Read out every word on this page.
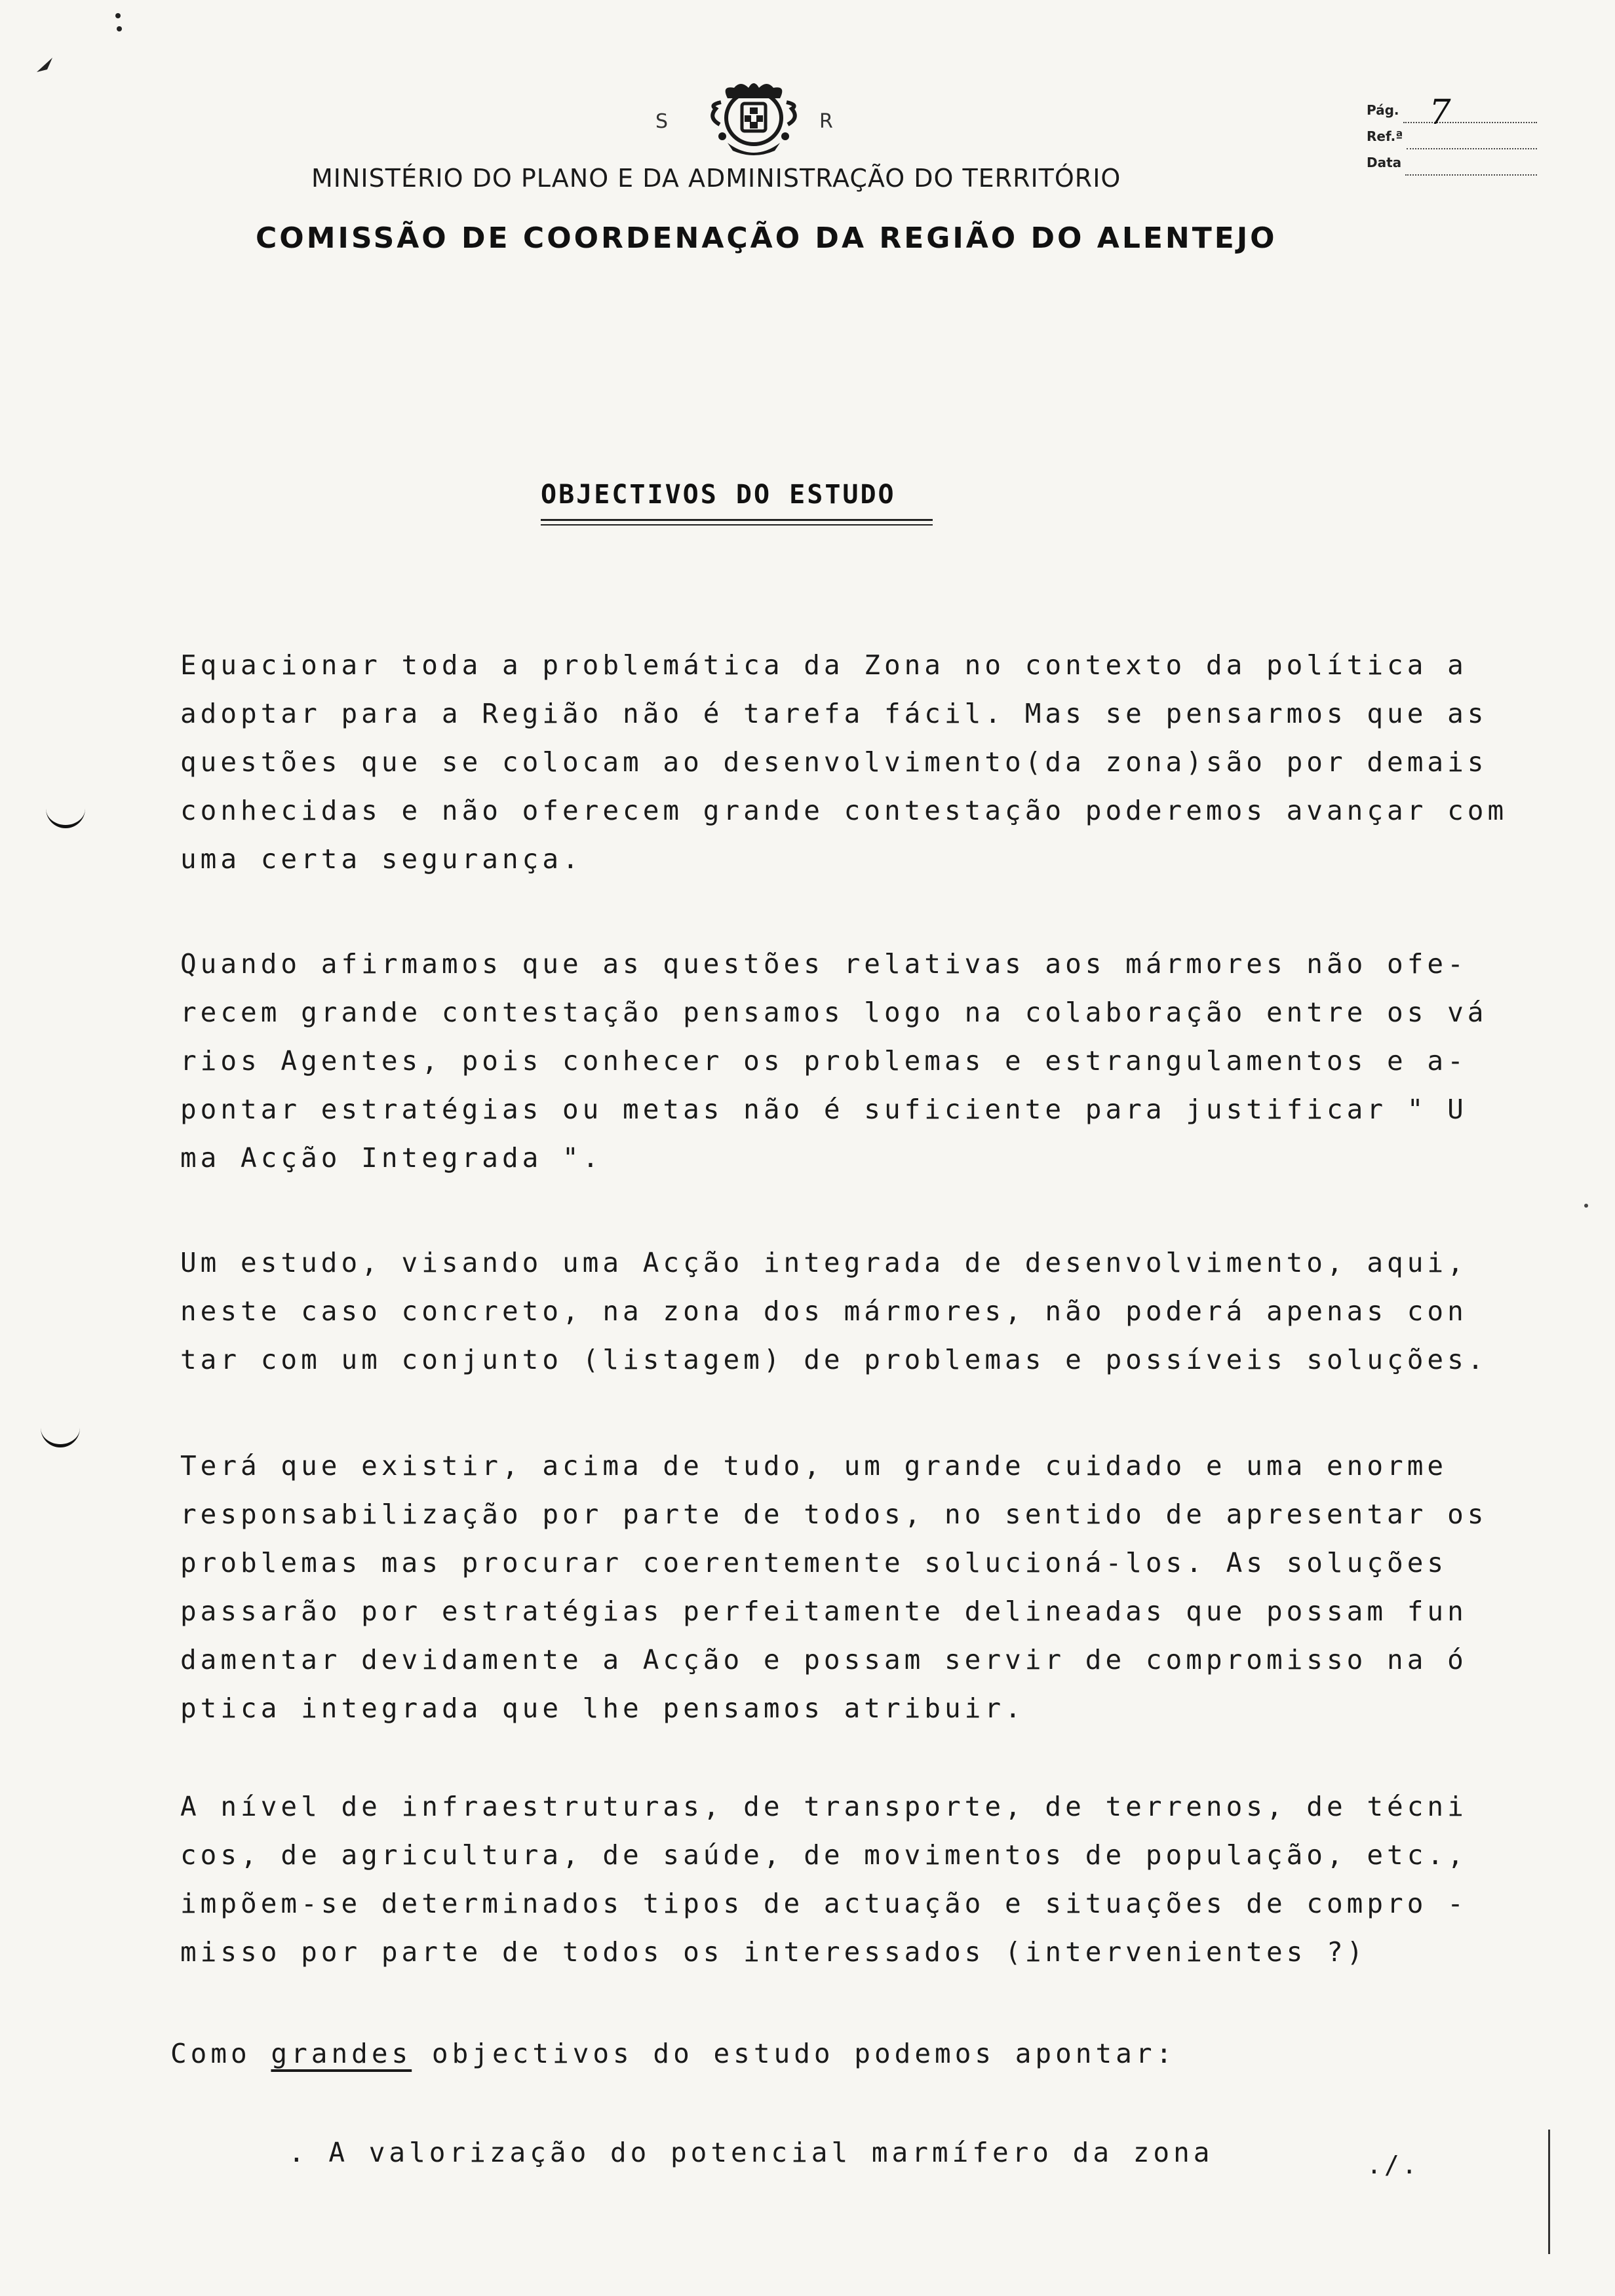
S	R
MINISTÉRIO DO PLANO E DA ADMINISTRAÇÃO DO TERRITÓRIO
COMISSÃO DE COORDENAÇÃO DA REGIÃO DO ALENTEJO
Pág. 7
Ref.ª
Data
OBJECTIVOS DO ESTUDO

Equacionar toda a problemática da Zona no contexto da política a
adoptar para a Região não é tarefa fácil. Mas se pensarmos que as
questões que se colocam ao desenvolvimento(da zona)são por demais
conhecidas e não oferecem grande contestação poderemos avançar com
uma certa segurança.

Quando afirmamos que as questões relativas aos mármores não ofe-
recem grande contestação pensamos logo na colaboração entre os vá
rios Agentes, pois conhecer os problemas e estrangulamentos e a-
pontar estratégias ou metas não é suficiente para justificar " U
ma Acção Integrada ".

Um estudo, visando uma Acção integrada de desenvolvimento, aqui,
neste caso concreto, na zona dos mármores, não poderá apenas con
tar com um conjunto (listagem) de problemas e possíveis soluções.

Terá que existir, acima de tudo, um grande cuidado e uma enorme
responsabilização por parte de todos, no sentido de apresentar os
problemas mas procurar coerentemente solucioná-los. As soluções
passarão por estratégias perfeitamente delineadas que possam fun
damentar devidamente a Acção e possam servir de compromisso na ó
ptica integrada que lhe pensamos atribuir.

A nível de infraestruturas, de transporte, de terrenos, de técni
cos, de agricultura, de saúde, de movimentos de população, etc.,
impõem-se determinados tipos de actuação e situações de compro -
misso por parte de todos os interessados (intervenientes ?)

Como grandes objectivos do estudo podemos apontar:

. A valorização do potencial marmífero da zona	./.
